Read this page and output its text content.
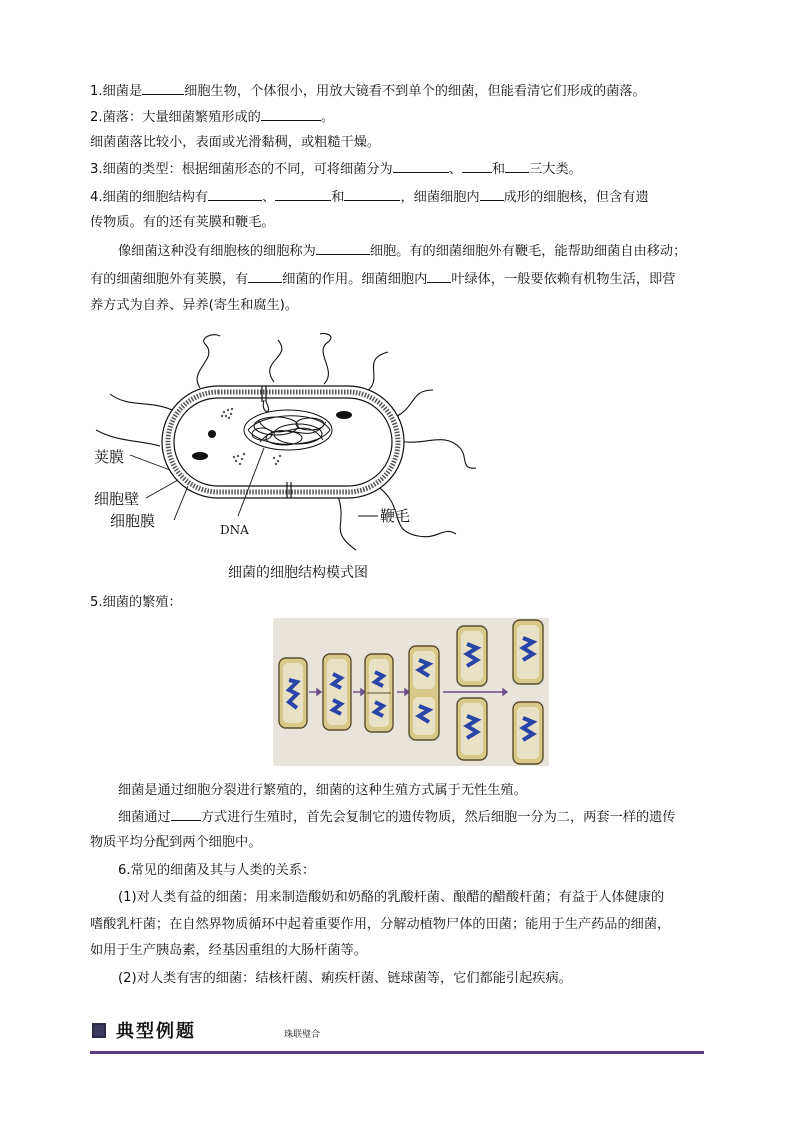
1.细菌是	细胞生物，个体很小，用放大镜看不到单个的细菌，但能看清它们形成的菌落。
2.菌落：大量细菌繁殖形成的	。
细菌菌落比较小，表面或光滑黏稠，或粗糙干燥。
3.细菌的类型：根据细菌形态的不同，可将细菌分为	、 和 三大类。
4.细菌的细胞结构有	、	和	，细菌细胞内 成形的细胞核，但含有遗
传物质。有的还有荚膜和鞭毛。
像细菌这种没有细胞核的细胞称为	细胞。有的细菌细胞外有鞭毛，能帮助细菌自由移动；
有的细菌细胞外有荚膜，有	细菌的作用。细菌细胞内 叶绿体，一般要依赖有机物生活，即营
养方式为自养、异养(寄生和腐生)。
荚膜
细胞壁
细胞膜	DNA
鞭毛
细菌的细胞结构模式图
5.细菌的繁殖：
细菌是通过细胞分裂进行繁殖的，细菌的这种生殖方式属于无性生殖。
细菌通过 方式进行生殖时，首先会复制它的遗传物质，然后细胞一分为二，两套一样的遗传
物质平均分配到两个细胞中。
6.常见的细菌及其与人类的关系：
(1)对人类有益的细菌：用来制造酸奶和奶酪的乳酸杆菌、酿醋的醋酸杆菌；有益于人体健康的
嗜酸乳杆菌；在自然界物质循环中起着重要作用，分解动植物尸体的田菌；能用于生产药品的细菌，
如用于生产胰岛素，经基因重组的大肠杆菌等。
(2)对人类有害的细菌：结核杆菌、痢疾杆菌、链球菌等，它们都能引起疾病。
典型例题	珠联璧合
